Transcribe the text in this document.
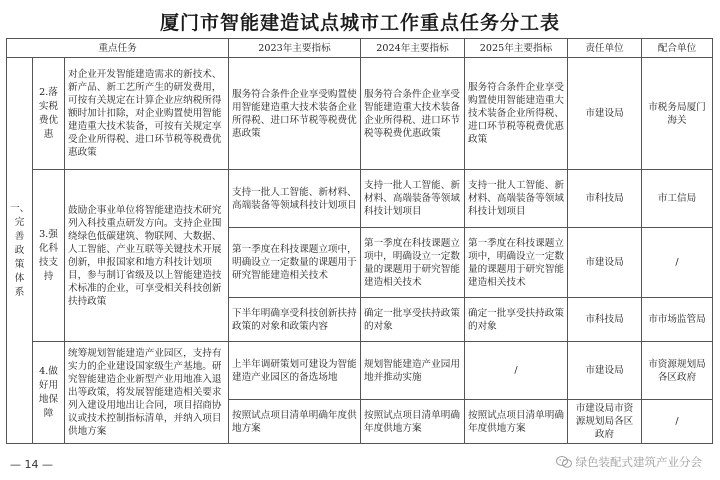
厦门市智能建造试点城市工作重点任务分工表
重点任务			2023年主要指标	2024年主要指标	2025年主要指标	责任单位	配合单位
一、完善政策体系	2.落实税费优惠	对企业开发智能建造需求的新技术、新产品、新工艺所产生的研发费用，可按有关规定在计算企业应纳税所得额时加计扣除，对企业购置使用智能建造重大技术装备，可按有关规定享受企业所得税、进口环节税等税费优惠政策	服务符合条件企业享受购置使用智能建造重大技术装备企业所得税、进口环节税等税费优惠政策	服务符合条件企业享受智能建造重大技术装备企业所得税、进口环节税等税费优惠政策	服务符合条件企业享受购置使用智能建造重大技术装备企业所得税、进口环节税等税费优惠政策	市建设局	市税务局厦门海关
	3.强化科技支持	鼓励企事业单位将智能建造技术研究列入科技重点研发方向。支持企业围绕绿色低碳建筑、物联网、大数据、人工智能、产业互联等关键技术开展创新，申报国家和地方科技计划项目，参与制订省级及以上智能建造技术标准的企业，可享受相关科技创新扶持政策	支持一批人工智能、新材料、高端装备等领域科技计划项目	支持一批人工智能、新材料、高端装备等领域科技计划项目	支持一批人工智能、新材料、高端装备等领域科技计划项目	市科技局	市工信局
			第一季度在科技课题立项中，明确设立一定数量的课题用于研究智能建造相关技术	第一季度在科技课题立项中，明确设立一定数量的课题用于研究智能建造相关技术	第一季度在科技课题立项中，明确设立一定数量的课题用于研究智能建造相关技术	市建设局	/
			下半年明确享受科技创新扶持政策的对象和政策内容	确定一批享受扶持政策的对象	确定一批享受扶持政策的对象	市科技局	市市场监管局
	4.做好用地保障	统筹规划智能建造产业园区，支持有实力的企业建设国家级生产基地。研究智能建造企业新型产业用地准入退出等政策，将发展智能建造相关要求列入建设用地出让合同，项目招商协议或技术控制指标清单，并纳入项目供地方案	上半年调研策划可建设为智能建造产业园区的备选场地	规划智能建造产业园用地并推动实施	/	市建设局	市资源规划局各区政府
			按照试点项目清单明确年度供地方案	按照试点项目清单明确年度供地方案	按照试点项目清单明确年度供地方案	市建设局市资源规划局各区政府	/
— 14 —	绿色装配式建筑产业分会
